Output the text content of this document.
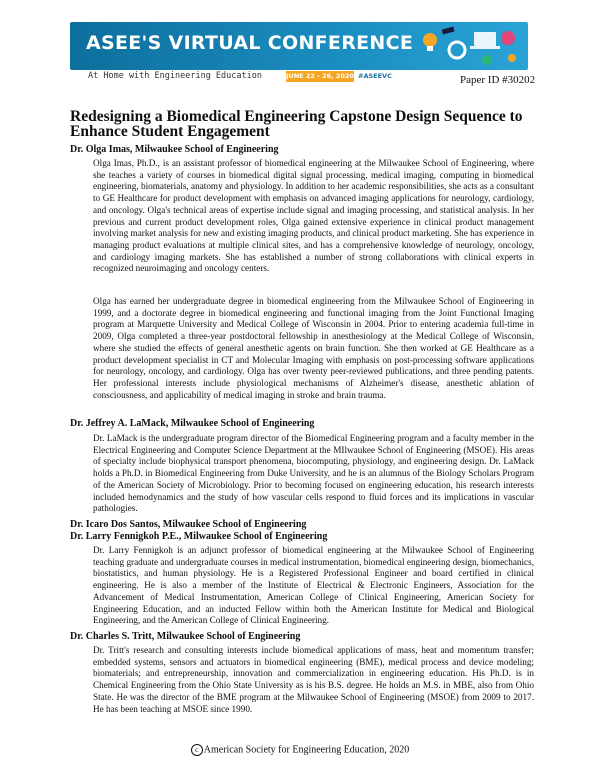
ASEE'S VIRTUAL CONFERENCE
At Home with Engineering Education	JUNE 22 - 26, 2020 #ASEEVC	Paper ID #30202
Redesigning a Biomedical Engineering Capstone Design Sequence to Enhance Student Engagement

Dr. Olga Imas, Milwaukee School of Engineering

Olga Imas, Ph.D., is an assistant professor of biomedical engineering at the Milwaukee School of Engineering, where she teaches a variety of courses in biomedical digital signal processing, medical imaging, computing in biomedical engineering, biomaterials, anatomy and physiology. In addition to her academic responsibilities, she acts as a consultant to GE Healthcare for product development with emphasis on advanced imaging applications for neurology, cardiology, and oncology. Olga's technical areas of expertise include signal and imaging processing, and statistical analysis. In her previous and current product development roles, Olga gained extensive experience in clinical product management involving market analysis for new and existing imaging products, and clinical product marketing. She has experience in managing product evaluations at multiple clinical sites, and has a comprehensive knowledge of neurology, oncology, and cardiology imaging markets. She has established a number of strong collaborations with clinical experts in recognized neuroimaging and oncology centers.

Olga has earned her undergraduate degree in biomedical engineering from the Milwaukee School of Engineering in 1999, and a doctorate degree in biomedical engineering and functional imaging from the Joint Functional Imaging program at Marquette University and Medical College of Wisconsin in 2004. Prior to entering academia full-time in 2009, Olga completed a three-year postdoctoral fellowship in anesthesiology at the Medical College of Wisconsin, where she studied the effects of general anesthetic agents on brain function. She then worked at GE Healthcare as a product development specialist in CT and Molecular Imaging with emphasis on post-processing software applications for neurology, oncology, and cardiology. Olga has over twenty peer-reviewed publications, and three pending patents. Her professional interests include physiological mechanisms of Alzheimer's disease, anesthetic ablation of consciousness, and applicability of medical imaging in stroke and brain trauma.

Dr. Jeffrey A. LaMack, Milwaukee School of Engineering

Dr. LaMack is the undergraduate program director of the Biomedical Engineering program and a faculty member in the Electrical Engineering and Computer Science Department at the MIlwaukee School of Engineering (MSOE). His areas of specialty include biophysical transport phenomena, biocomputing, physiology, and engineering design. Dr. LaMack holds a Ph.D. in Biomedical Engineering from Duke University, and he is an alumnus of the Biology Scholars Program of the American Society of Microbiology. Prior to becoming focused on engineering education, his research interests included hemodynamics and the study of how vascular cells respond to fluid forces and its implications in vascular pathologies.

Dr. Icaro Dos Santos, Milwaukee School of Engineering

Dr. Larry Fennigkoh P.E., Milwaukee School of Engineering

Dr. Larry Fennigkoh is an adjunct professor of biomedical engineering at the Milwaukee School of Engineering teaching graduate and undergraduate courses in medical instrumentation, biomedical engineering design, biomechanics, biostatistics, and human physiology. He is a Registered Professional Engineer and board certified in clinical engineering. He is also a member of the Institute of Electrical & Electronic Engineers, Association for the Advancement of Medical Instrumentation, American College of Clinical Engineering, American Society for Engineering Education, and an inducted Fellow within both the American Institute for Medical and Biological Engineering, and the American College of Clinical Engineering.

Dr. Charles S. Tritt, Milwaukee School of Engineering

Dr. Tritt's research and consulting interests include biomedical applications of mass, heat and momentum transfer; embedded systems, sensors and actuators in biomedical engineering (BME), medical process and device modeling; biomaterials; and entrepreneurship, innovation and commercialization in engineering education. His Ph.D. is in Chemical Engineering from the Ohio State University as is his B.S. degree. He holds an M.S. in MBE, also from Ohio State. He was the director of the BME program at the Milwaukee School of Engineering (MSOE) from 2009 to 2017. He has been teaching at MSOE since 1990.

c American Society for Engineering Education, 2020
